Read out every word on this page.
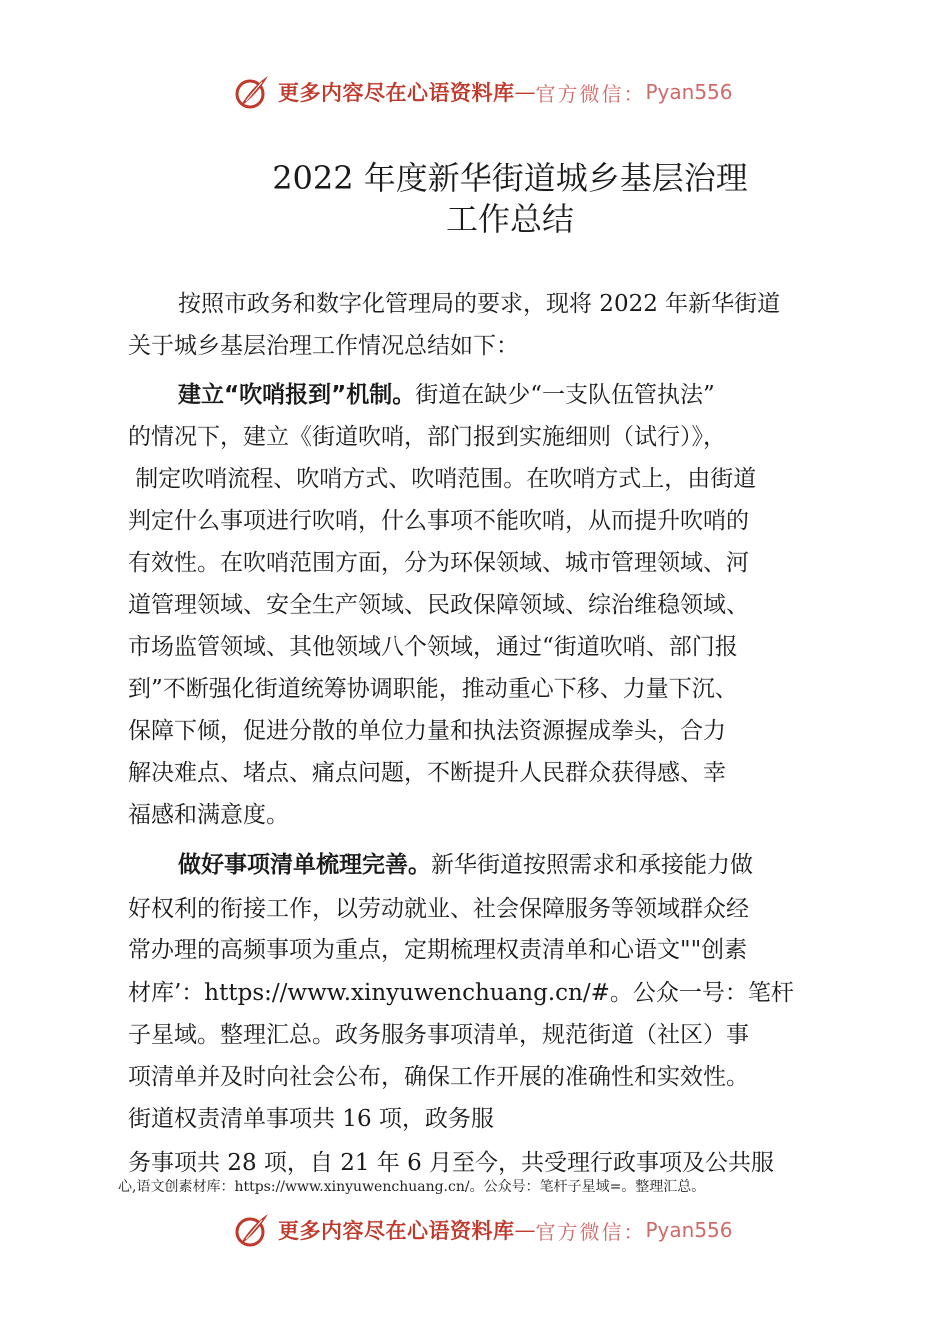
更多内容尽在心语资料库 — 官方微信： Pyan556
2022 年度新华街道城乡基层治理
工作总结
按照市政务和数字化管理局的要求，现将 2022 年新华街道
关于城乡基层治理工作情况总结如下：
建立“吹哨报到”机制。街道在缺少“一支队伍管执法”
的情况下，建立《街道吹哨，部门报到实施细则（试行）》，
制定吹哨流程、吹哨方式、吹哨范围。在吹哨方式上，由街道
判定什么事项进行吹哨，什么事项不能吹哨，从而提升吹哨的
有效性。在吹哨范围方面，分为环保领域、城市管理领域、河
道管理领域、安全生产领域、民政保障领域、综治维稳领域、
市场监管领域、其他领域八个领域，通过“街道吹哨、部门报
到”不断强化街道统筹协调职能，推动重心下移、力量下沉、
保障下倾，促进分散的单位力量和执法资源握成拳头，合力
解决难点、堵点、痛点问题，不断提升人民群众获得感、幸
福感和满意度。
做好事项清单梳理完善。新华街道按照需求和承接能力做
好权利的衔接工作，以劳动就业、社会保障服务等领域群众经
常办理的高频事项为重点，定期梳理权责清单和心语文""创素
材库’：https://www.xinyuwenchuang.cn/#。公众一号：笔杆
子星域。整理汇总。政务服务事项清单，规范街道（社区）事
项清单并及时向社会公布，确保工作开展的准确性和实效性。
街道权责清单事项共 16 项，政务服
务事项共 28 项，自 21 年 6 月至今，共受理行政事项及公共服
心,语文创素材库：https://www.xinyuwenchuang.cn/。公众号：笔杆子星域=。整理汇总。
更多内容尽在心语资料库 — 官方微信： Pyan556
